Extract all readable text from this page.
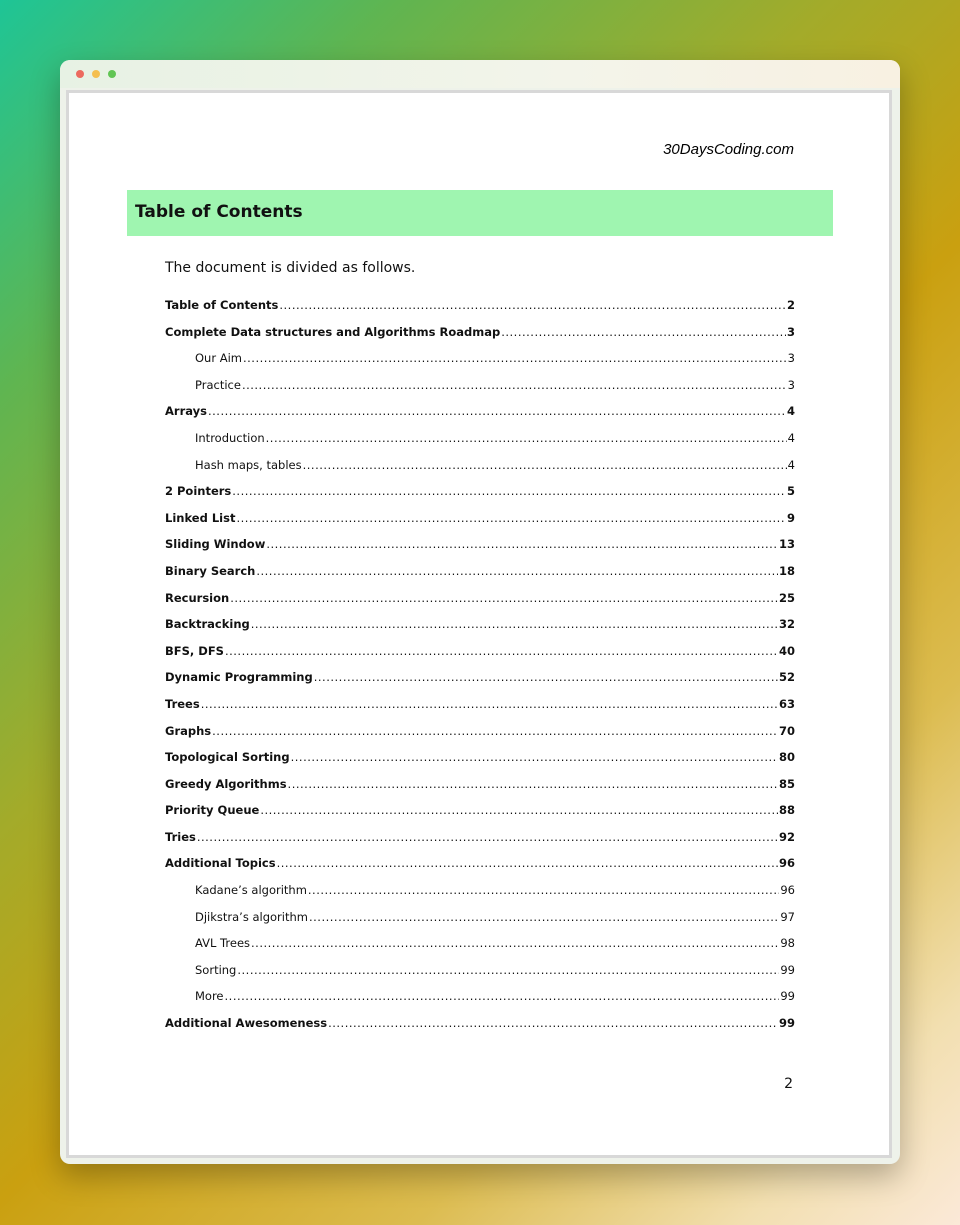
30DaysCoding.com
Table of Contents
The document is divided as follows.
Table of Contents .....	2
Complete Data structures and Algorithms Roadmap .....	3
Our Aim .....	3
Practice .....	3
Arrays .....	4
Introduction .....	4
Hash maps, tables .....	4
2 Pointers .....	5
Linked List .....	9
Sliding Window .....	13
Binary Search .....	18
Recursion .....	25
Backtracking .....	32
BFS, DFS .....	40
Dynamic Programming .....	52
Trees .....	63
Graphs .....	70
Topological Sorting .....	80
Greedy Algorithms .....	85
Priority Queue .....	88
Tries .....	92
Additional Topics .....	96
Kadane’s algorithm .....	96
Djikstra’s algorithm .....	97
AVL Trees .....	98
Sorting .....	99
More .....	99
Additional Awesomeness .....	99
2
